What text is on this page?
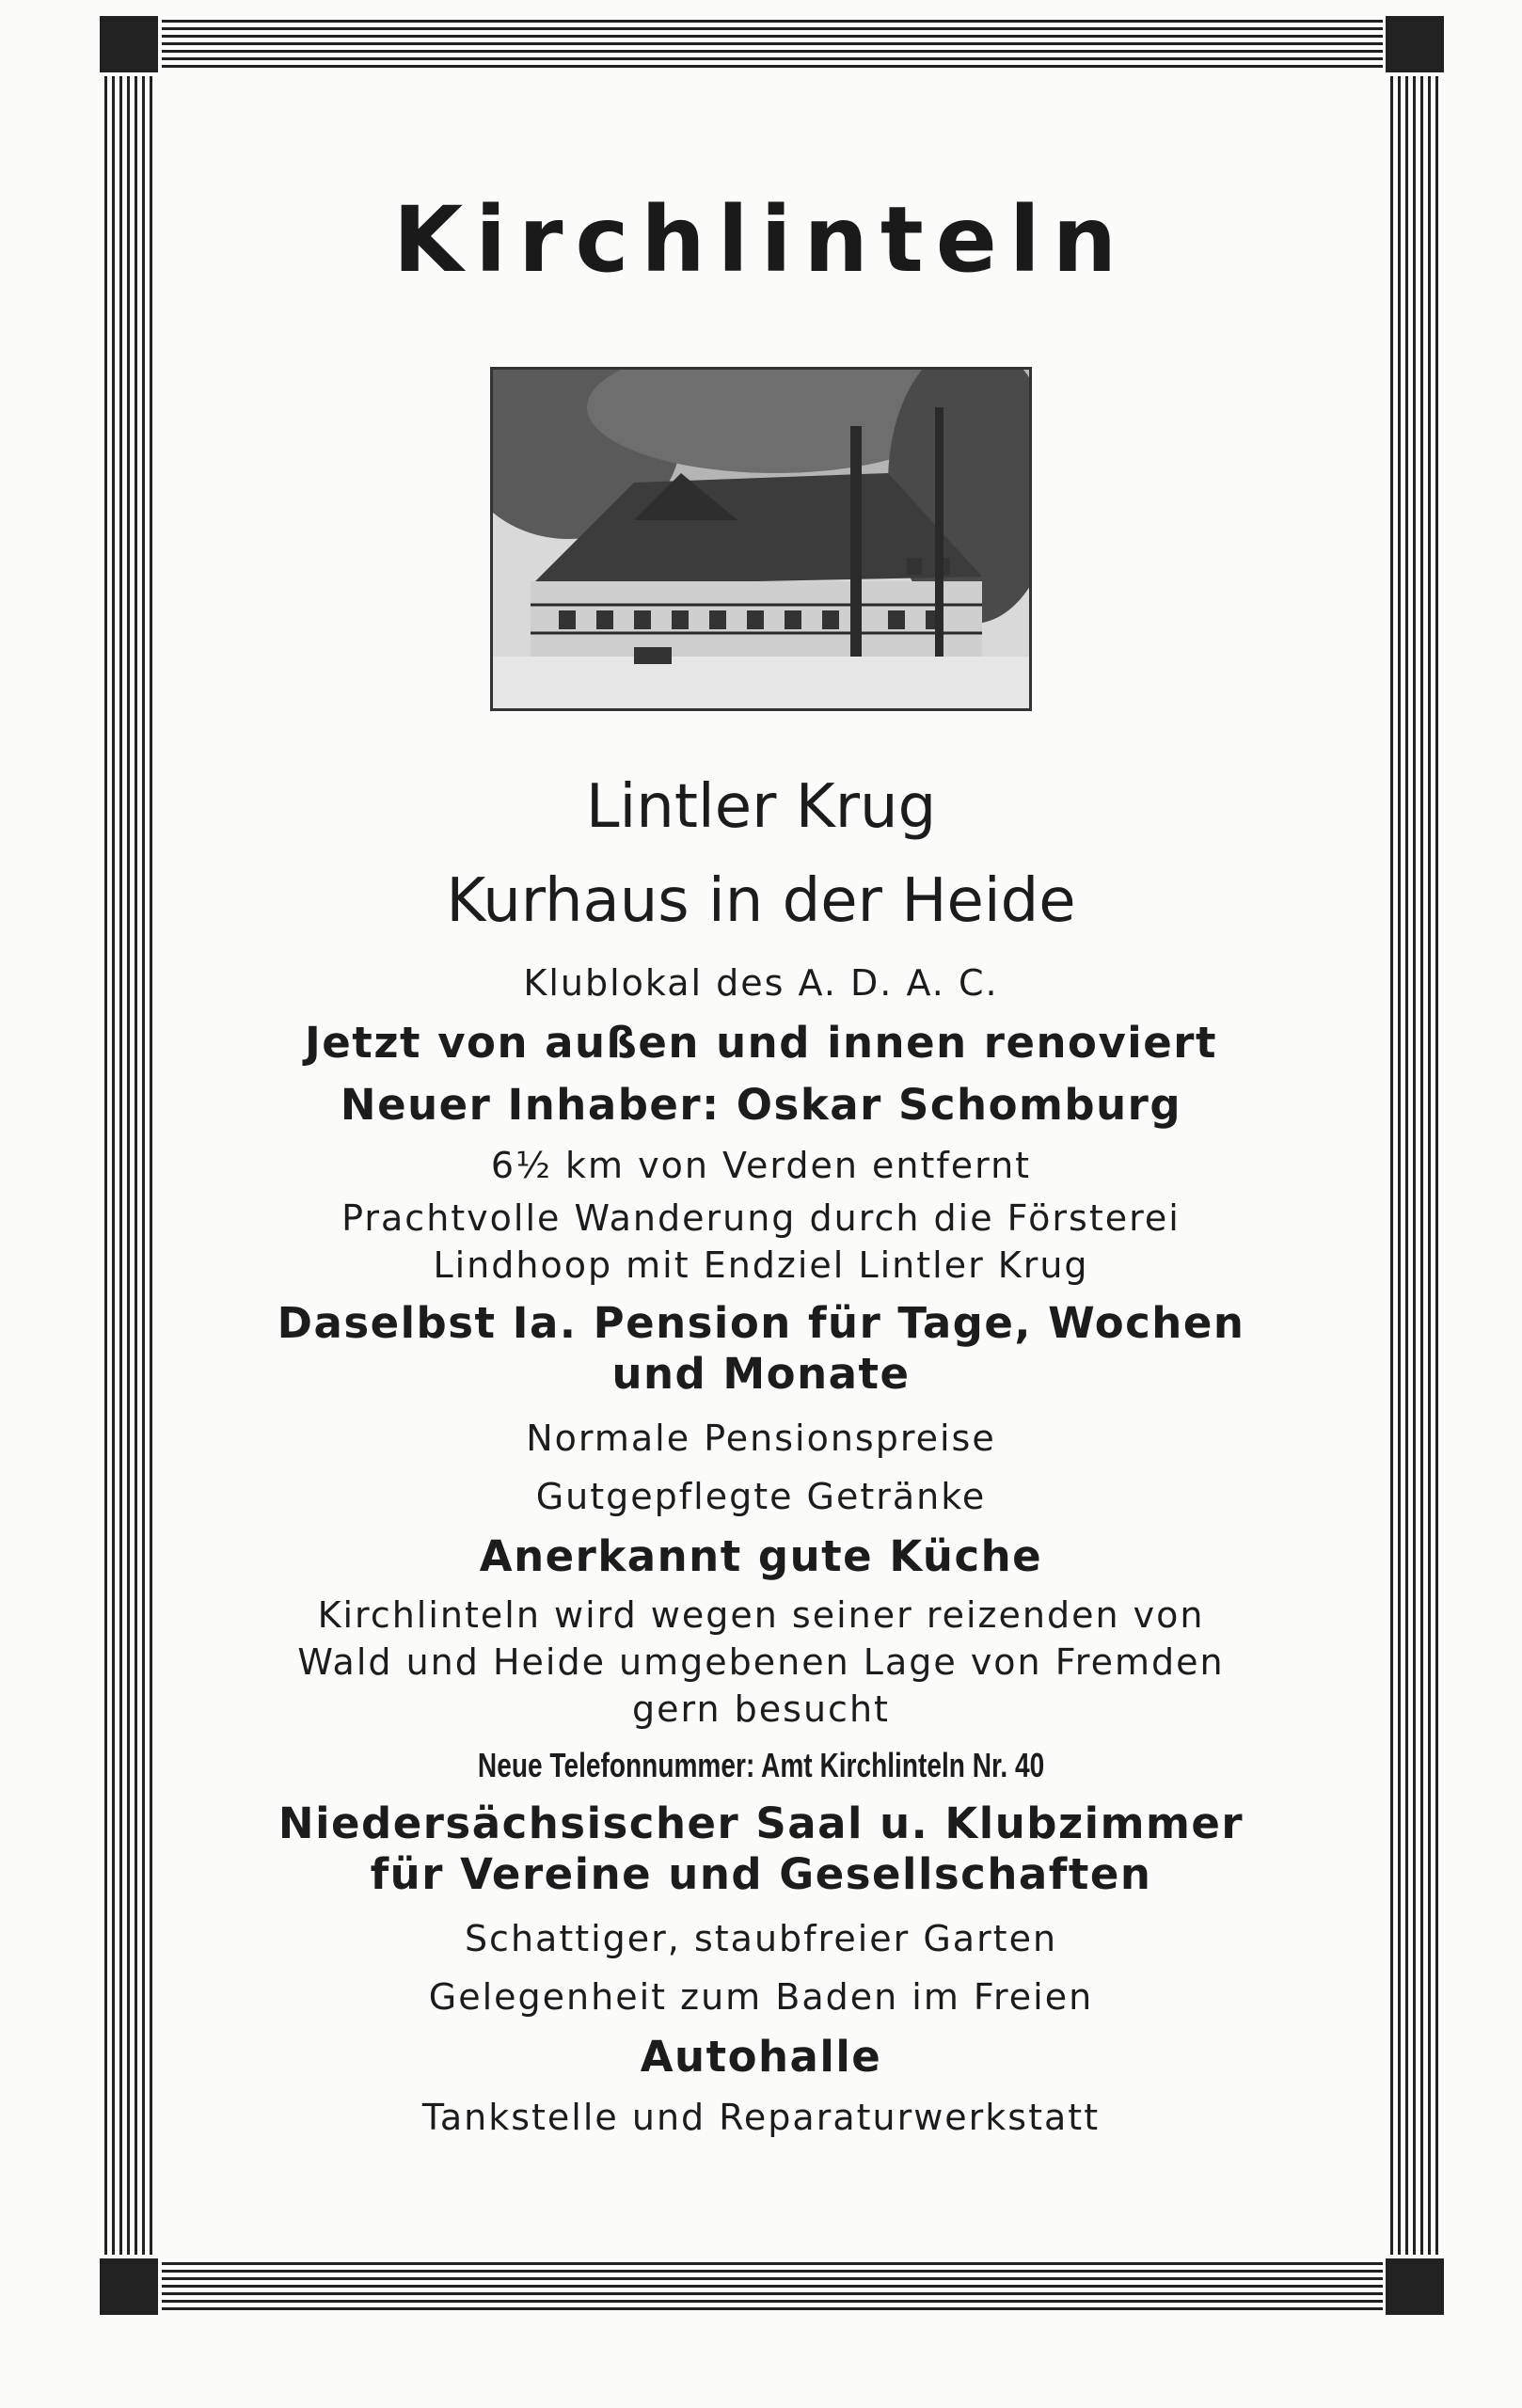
Kirchlinteln
Lintler Krug
Kurhaus in der Heide
Klublokal des A. D. A. C.
Jetzt von außen und innen renoviert
Neuer Inhaber: Oskar Schomburg
6½ km von Verden entfernt
Prachtvolle Wanderung durch die Försterei
Lindhoop mit Endziel Lintler Krug
Daselbst Ia. Pension für Tage, Wochen
und Monate
Normale Pensionspreise
Gutgepflegte Getränke
Anerkannt gute Küche
Kirchlinteln wird wegen seiner reizenden von
Wald und Heide umgebenen Lage von Fremden
gern besucht
Neue Telefonnummer: Amt Kirchlinteln Nr. 40
Niedersächsischer Saal u. Klubzimmer
für Vereine und Gesellschaften
Schattiger, staubfreier Garten
Gelegenheit zum Baden im Freien
Autohalle
Tankstelle und Reparaturwerkstatt
